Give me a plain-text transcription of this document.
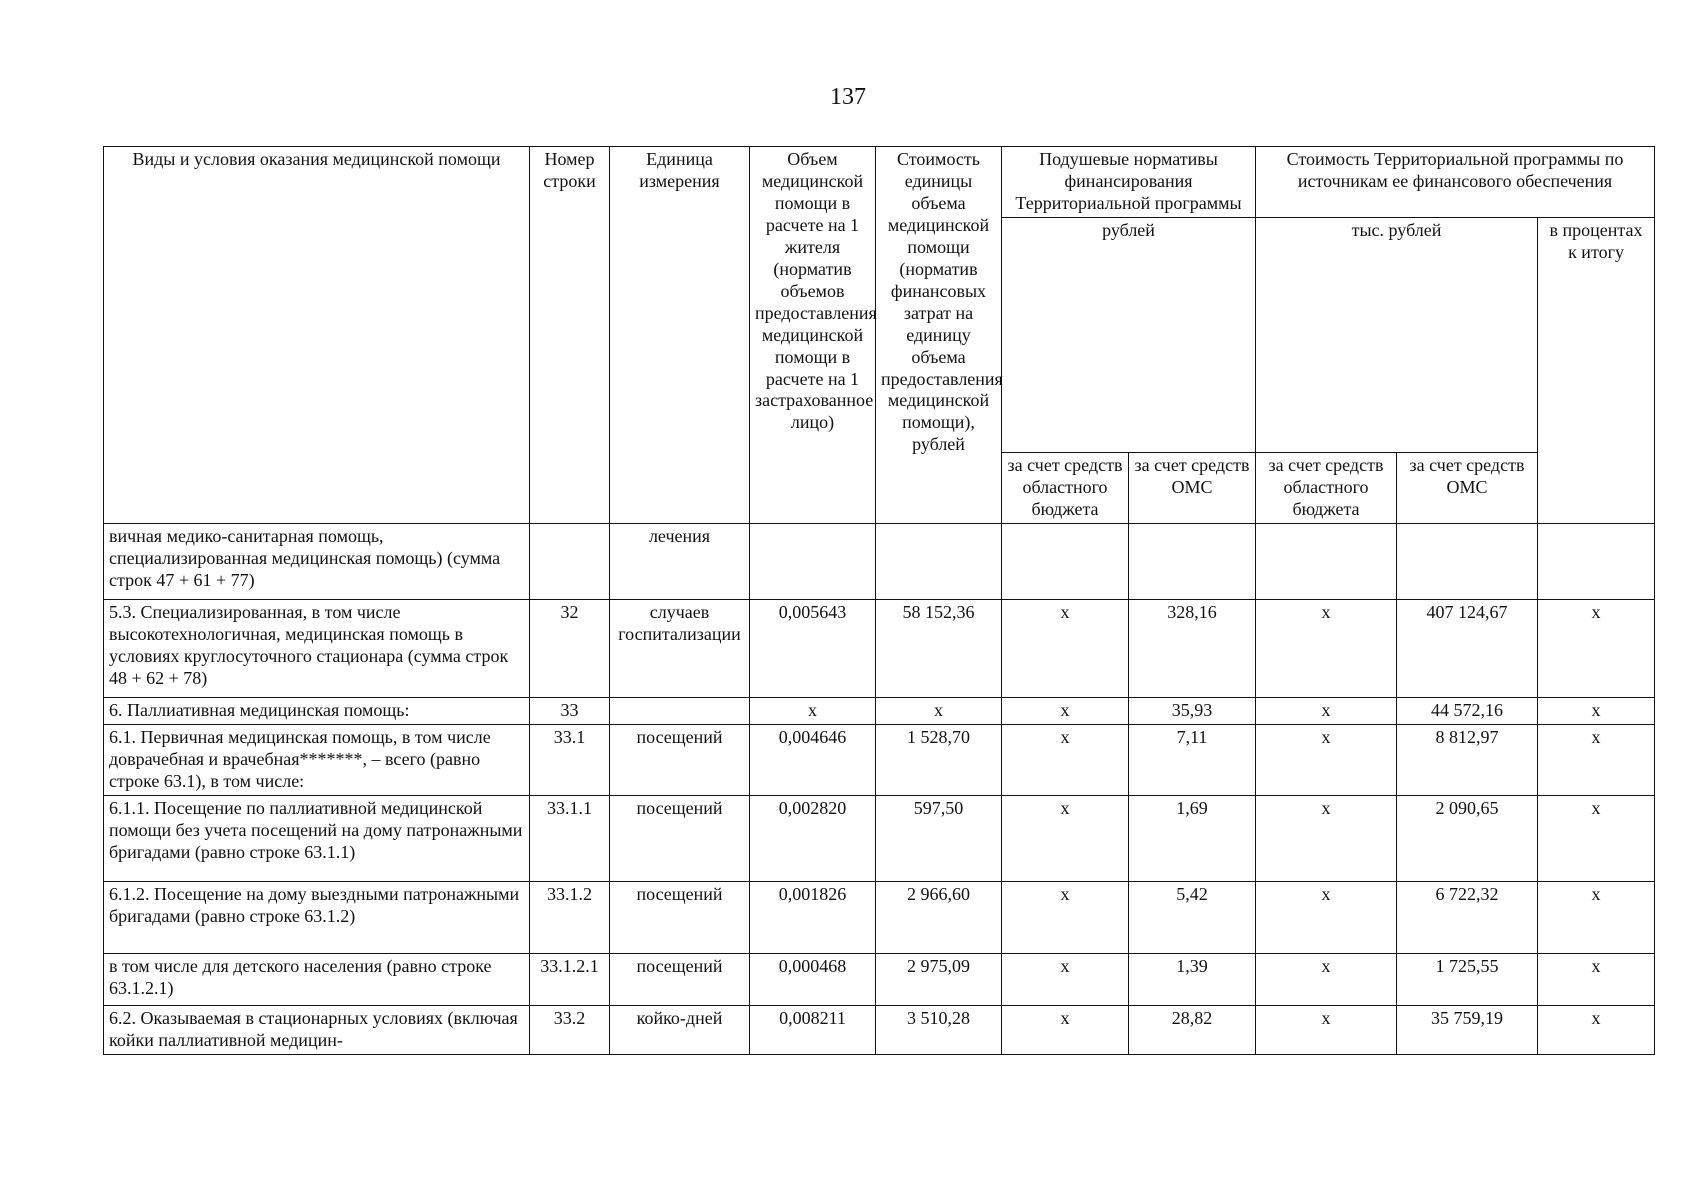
137
Виды и условия оказания медицинской помощи	Номер строки	Единица измерения	Объем медицинской помощи в расчете на 1 жителя (норматив объемов предоставления медицинской помощи в расчете на 1 застрахованное лицо)	Стоимость единицы объема медицинской помощи (норматив финансовых затрат на единицу объема предоставления медицинской помощи), рублей	Подушевые нормативы финансирования Территориальной программы		Стоимость Территориальной программы по источникам ее финансового обеспечения		
					рублей		тыс. рублей		в процентах к итогу
					за счет средств областного бюджета	за счет средств ОМС	за счет средств областного бюджета	за счет средств ОМС	
вичная медико-санитарная помощь, специализированная медицинская помощь) (сумма строк 47 + 61 + 77)		лечения							
5.3. Специализированная, в том числе высокотехнологичная, медицинская помощь в условиях круглосуточного стационара (сумма строк 48 + 62 + 78)	32	случаев госпитализации	0,005643	58 152,36	х	328,16	х	407 124,67	х
6. Паллиативная медицинская помощь:	33		х	х	х	35,93	х	44 572,16	х
6.1. Первичная медицинская помощь, в том числе доврачебная и врачебная*******, – всего (равно строке 63.1), в том числе:	33.1	посещений	0,004646	1 528,70	х	7,11	х	8 812,97	х
6.1.1. Посещение по паллиативной медицинской помощи без учета посещений на дому патронажными бригадами (равно строке 63.1.1)	33.1.1	посещений	0,002820	597,50	х	1,69	х	2 090,65	х
6.1.2. Посещение на дому выездными патронажными бригадами (равно строке 63.1.2)	33.1.2	посещений	0,001826	2 966,60	х	5,42	х	6 722,32	х
в том числе для детского населения (равно строке 63.1.2.1)	33.1.2.1	посещений	0,000468	2 975,09	х	1,39	х	1 725,55	х
6.2. Оказываемая в стационарных условиях (включая койки паллиативной медицин-	33.2	койко-дней	0,008211	3 510,28	х	28,82	х	35 759,19	х
